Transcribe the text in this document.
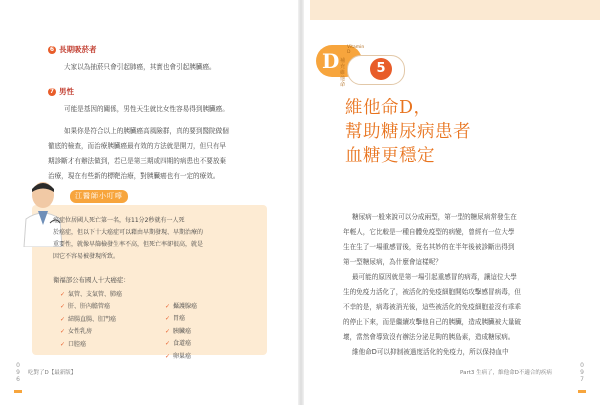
6 長期吸菸者
大家以為抽菸只會引起肺癌，其實也會引起胰臟癌。
7 男性
可能是基因的關係，男性天生就比女性容易得到胰臟癌。
如果你是符合以上的胰臟癌高風險群，真的要到醫院做個
徹底的檢查，而治療胰臟癌最有效的方法就是開刀，但只有早
期診斷才有辦法做到，若已是第三期或四期的病患也不要放棄
治療，現在有些新的標靶治療，對胰臟癌也有一定的療效。
江醫師小叮嚀
癌症位居國人死亡第一名，每11分2秒就有一人死
於癌症，但以下十大癌症可以藉由早期發現、早期治療的
重要性，就像早篩檢發生率不高，但死亡率卻很高，就是
因它不容易被發現所致。
衛福部公布國人十大癌症：
✓ 氣管、支氣管、肺癌
✓ 肝、肝內膽管癌
✓ 結腸直腸、肛門癌
✓ 女性乳房
✓ 口腔癌
✓ 攝護腺癌
✓ 胃癌
✓ 胰臟癌
✓ 食道癌
✓ 卵巢癌
0
9
6
吃對了D【最新版】
D
Vitamin D
補充維他命
5
維他命D，
幫助糖尿病患者
血糖更穩定
糖尿病一般來說可以分成兩型，第一型的糖尿病常發生在
年輕人，它比較是一種自體免疫型的病變，曾經有一位大學
生在生了一場重感冒後，竟名其妙的在半年後被診斷出得到
第一型糖尿病，為什麼會這樣呢？
最可能的原因就是第一場引起重感冒的病毒，讓這位大學
生的免疫力活化了，被活化的免疫細胞開始攻擊感冒病毒，但
不幸的是，病毒被消光後，這些被活化的免疫細胞並沒有乖乖
的停止下來，而是繼續攻擊他自己的胰臟，造成胰臟被大量破
壞，當然會導致沒有辦法分泌足夠的胰島素，造成糖尿病。
維他命D可以抑制被過度活化的免疫力，所以保持血中
Part3 生病了，維他命D不適合的疾病
0
9
7
